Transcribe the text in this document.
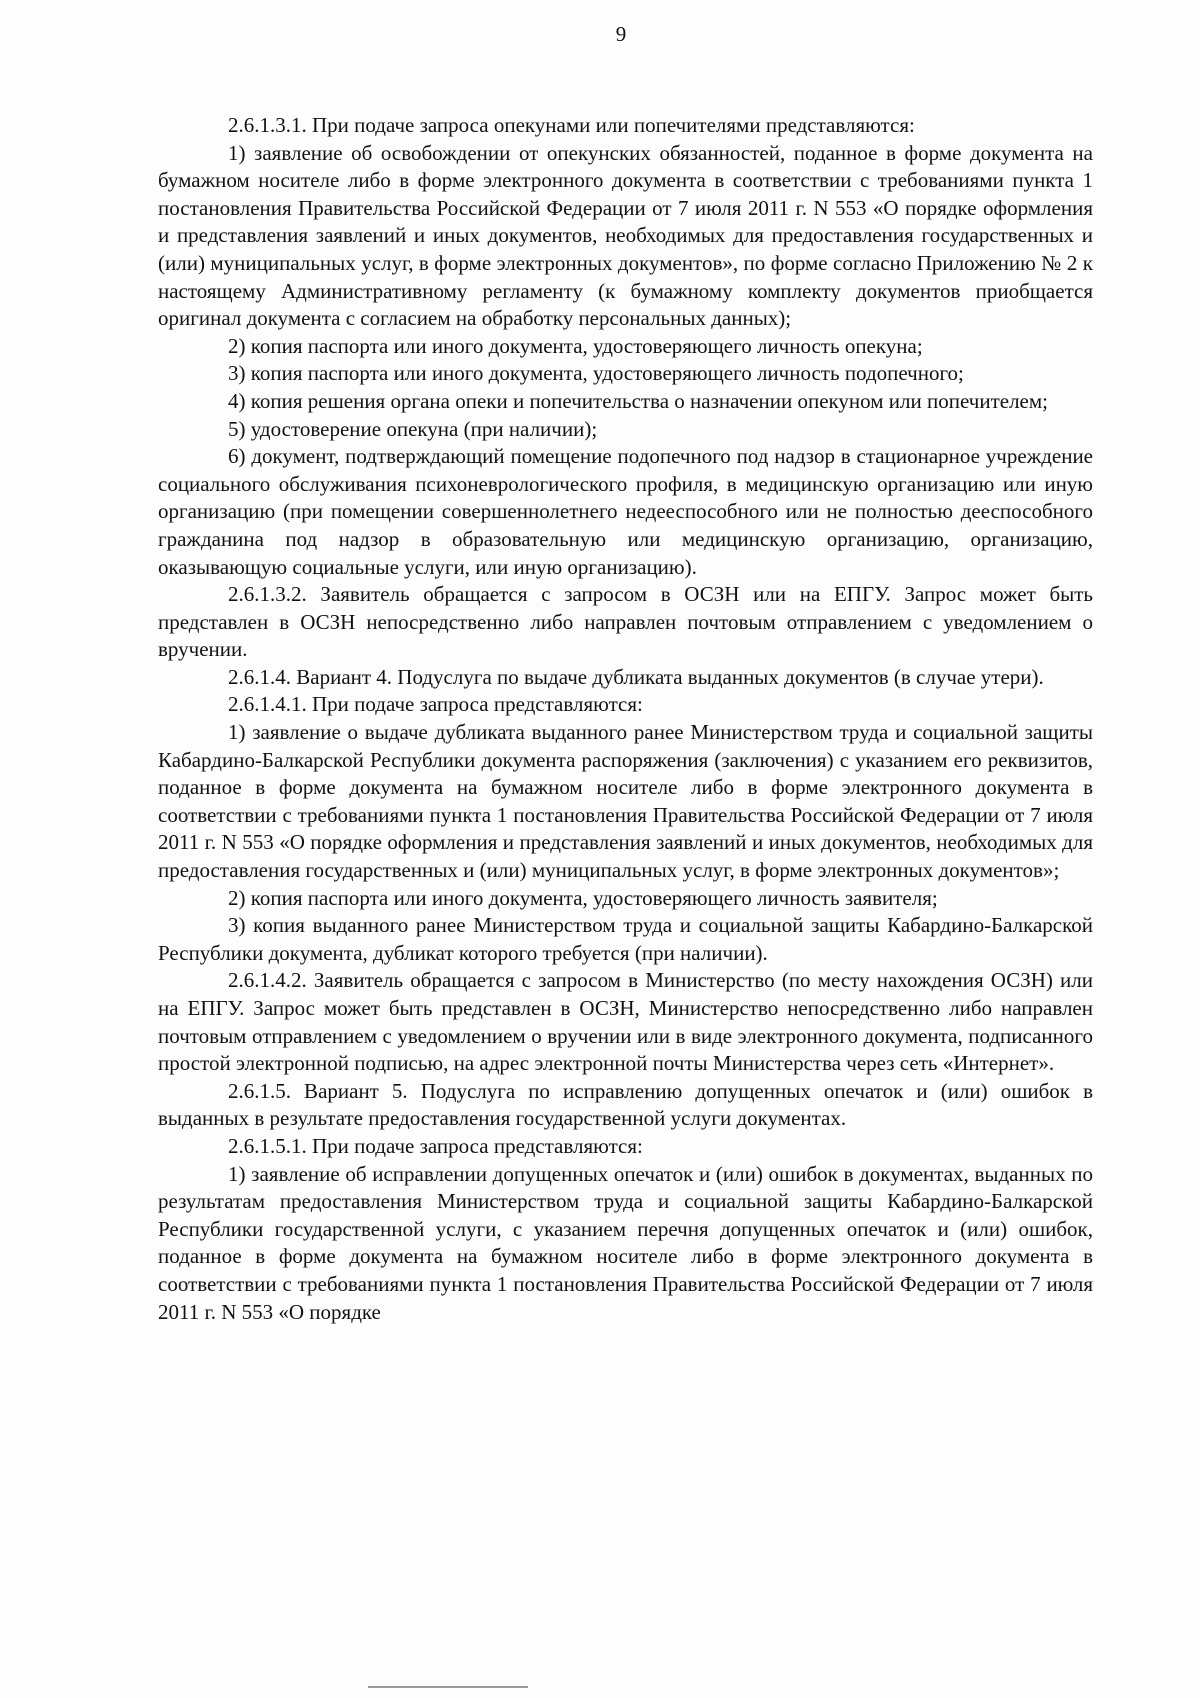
9

2.6.1.3.1. При подаче запроса опекунами или попечителями представляются:

1) заявление об освобождении от опекунских обязанностей, поданное в форме документа на бумажном носителе либо в форме электронного документа в соответствии с требованиями пункта 1 постановления Правительства Российской Федерации от 7 июля 2011 г. N 553 «О порядке оформления и представления заявлений и иных документов, необходимых для предоставления государственных и (или) муниципальных услуг, в форме электронных документов», по форме согласно Приложению № 2 к настоящему Административному регламенту (к бумажному комплекту документов приобщается оригинал документа с согласием на обработку персональных данных);

2) копия паспорта или иного документа, удостоверяющего личность опекуна;

3) копия паспорта или иного документа, удостоверяющего личность подопечного;

4) копия решения органа опеки и попечительства о назначении опекуном или попечителем;

5) удостоверение опекуна (при наличии);

6) документ, подтверждающий помещение подопечного под надзор в стационарное учреждение социального обслуживания психоневрологического профиля, в медицинскую организацию или иную организацию (при помещении совершеннолетнего недееспособного или не полностью дееспособного гражданина под надзор в образовательную или медицинскую организацию, организацию, оказывающую социальные услуги, или иную организацию).

2.6.1.3.2. Заявитель обращается с запросом в ОСЗН или на ЕПГУ. Запрос может быть представлен в ОСЗН непосредственно либо направлен почтовым отправлением с уведомлением о вручении.

2.6.1.4. Вариант 4. Подуслуга по выдаче дубликата выданных документов (в случае утери).

2.6.1.4.1. При подаче запроса представляются:

1) заявление о выдаче дубликата выданного ранее Министерством труда и социальной защиты Кабардино-Балкарской Республики документа распоряжения (заключения) с указанием его реквизитов, поданное в форме документа на бумажном носителе либо в форме электронного документа в соответствии с требованиями пункта 1 постановления Правительства Российской Федерации от 7 июля 2011 г. N 553 «О порядке оформления и представления заявлений и иных документов, необходимых для предоставления государственных и (или) муниципальных услуг, в форме электронных документов»;

2) копия паспорта или иного документа, удостоверяющего личность заявителя;

3) копия выданного ранее Министерством труда и социальной защиты Кабардино-Балкарской Республики документа, дубликат которого требуется (при наличии).

2.6.1.4.2. Заявитель обращается с запросом в Министерство (по месту нахождения ОСЗН) или на ЕПГУ. Запрос может быть представлен в ОСЗН, Министерство непосредственно либо направлен почтовым отправлением с уведомлением о вручении или в виде электронного документа, подписанного простой электронной подписью, на адрес электронной почты Министерства через сеть «Интернет».

2.6.1.5. Вариант 5. Подуслуга по исправлению допущенных опечаток и (или) ошибок в выданных в результате предоставления государственной услуги документах.

2.6.1.5.1. При подаче запроса представляются:

1) заявление об исправлении допущенных опечаток и (или) ошибок в документах, выданных по результатам предоставления Министерством труда и социальной защиты Кабардино-Балкарской Республики государственной услуги, с указанием перечня допущенных опечаток и (или) ошибок, поданное в форме документа на бумажном носителе либо в форме электронного документа в соответствии с требованиями пункта 1 постановления Правительства Российской Федерации от 7 июля 2011 г. N 553 «О порядке
